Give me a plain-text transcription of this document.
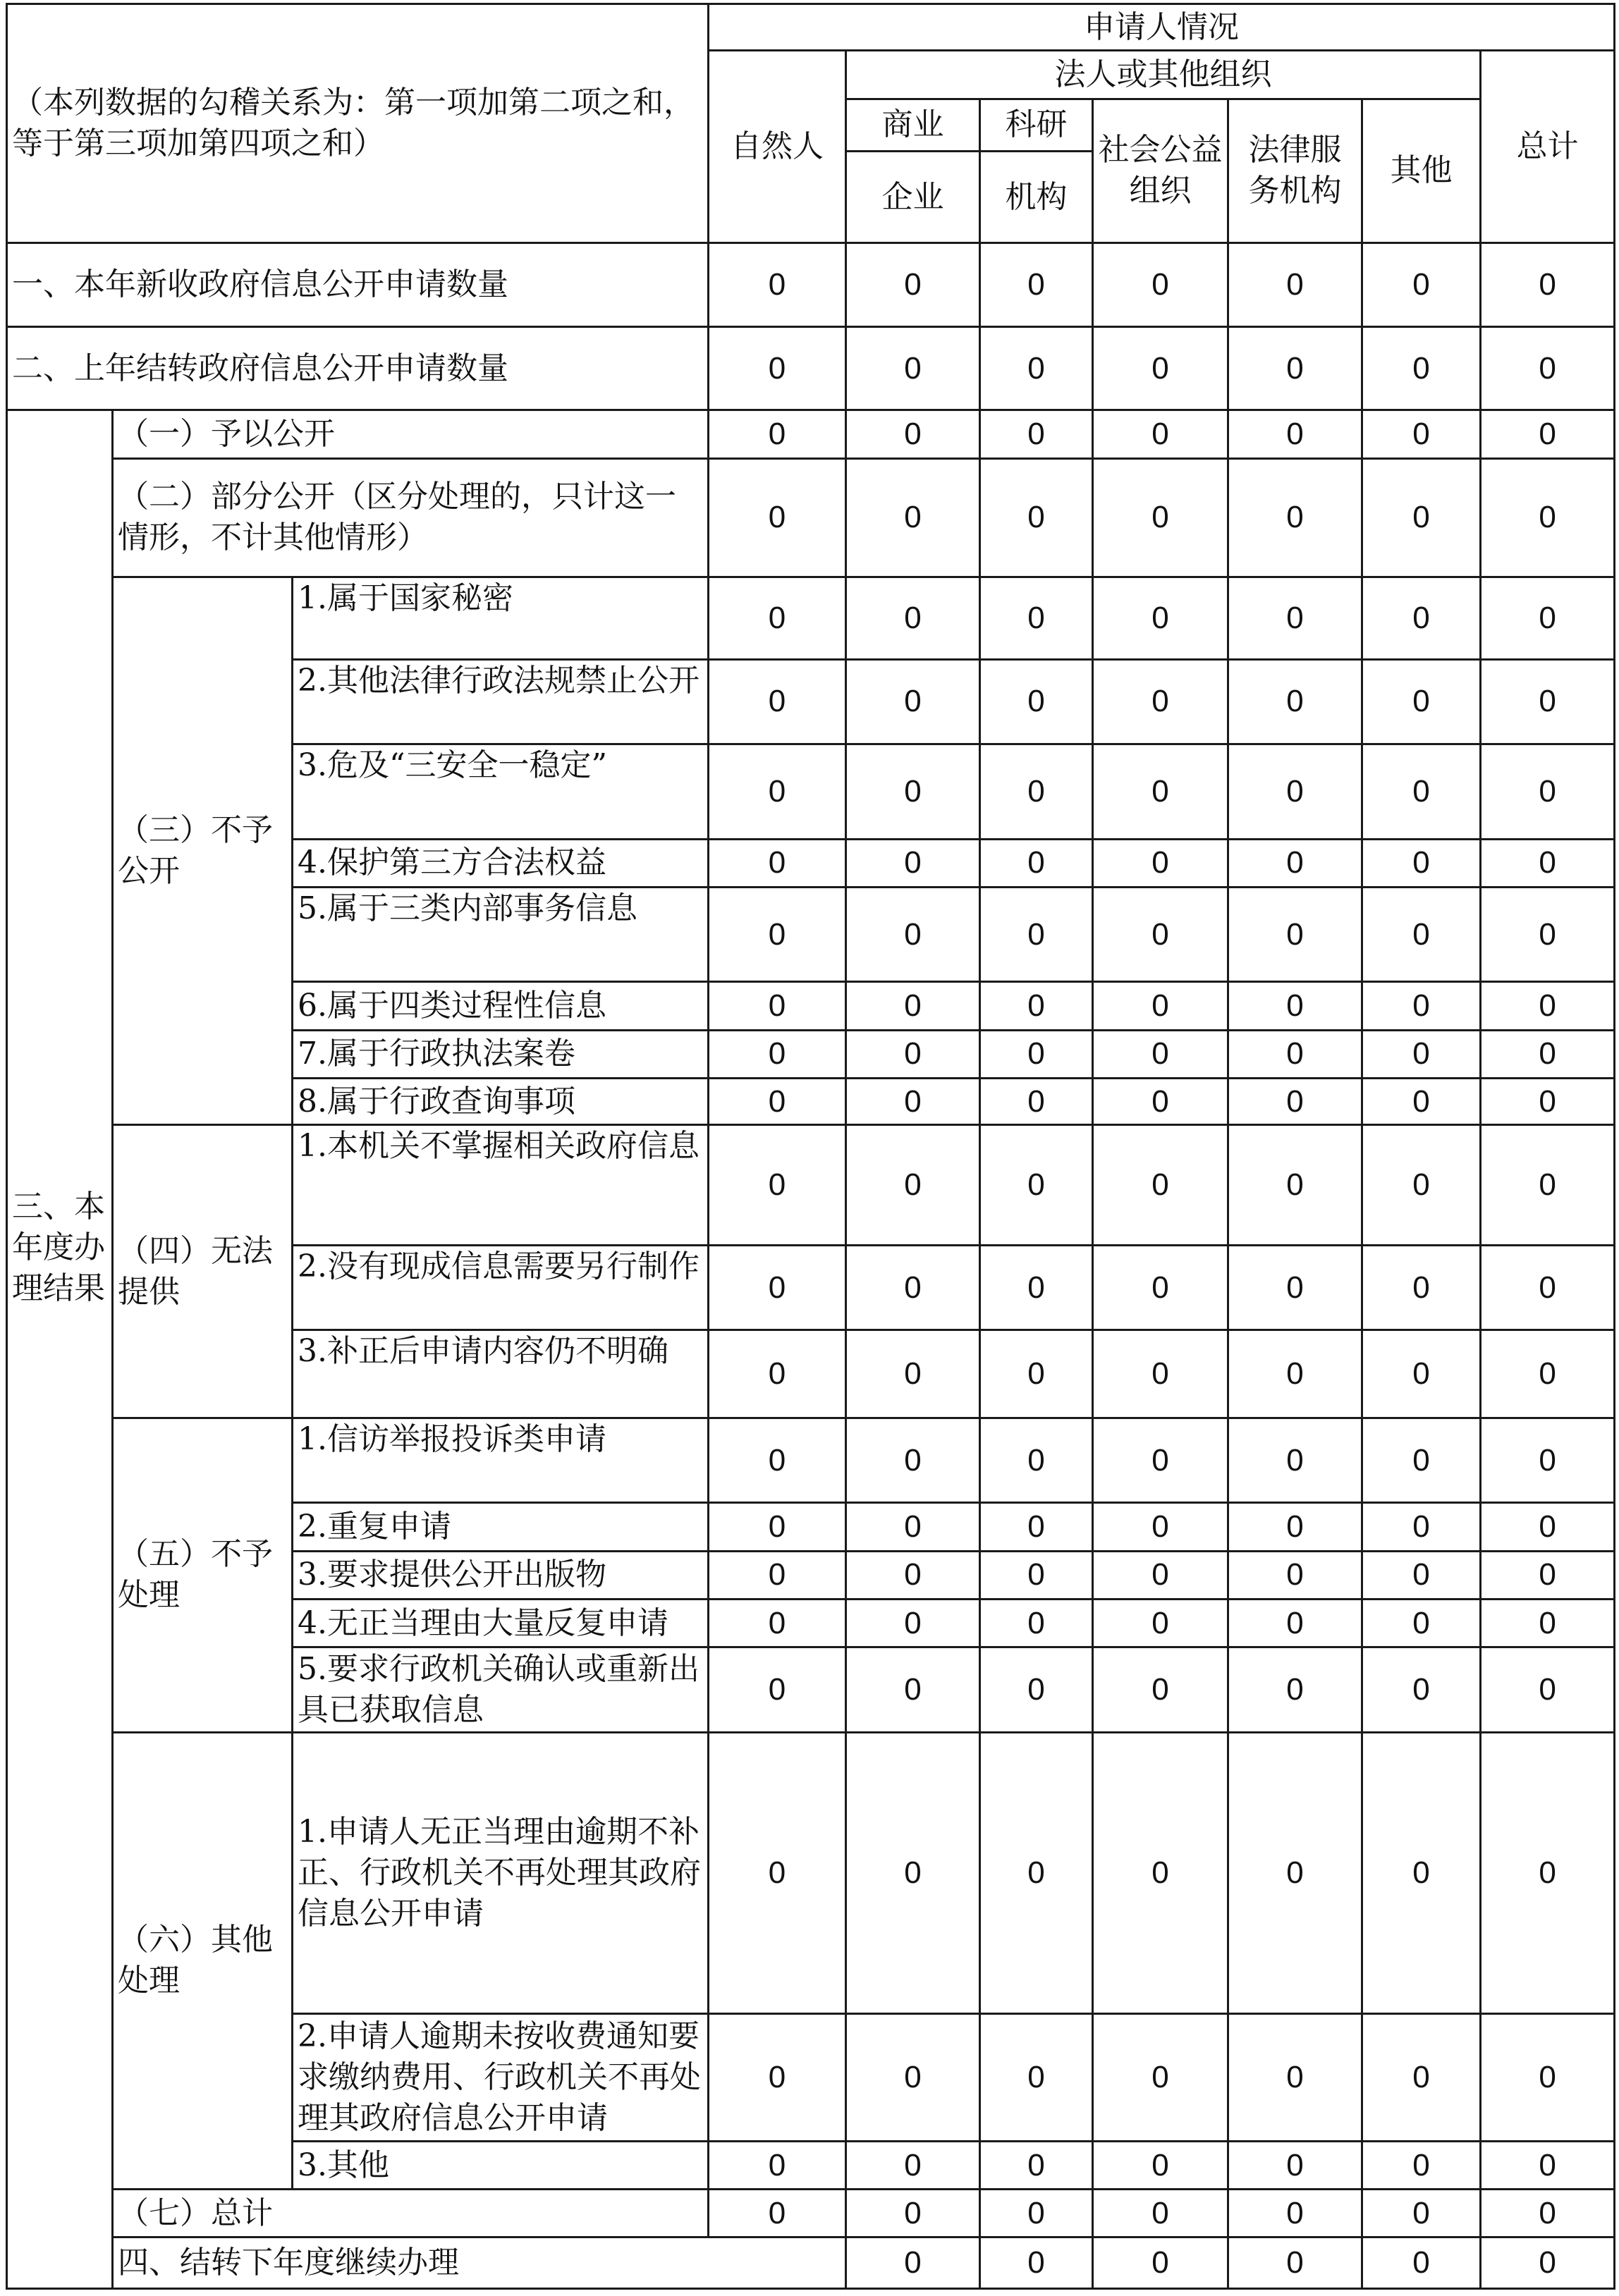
（本列数据的勾稽关系为：第一项加第二项之和，等于第三项加第四项之和）			申请人情况							
			自然人	法人或其他组织					总计	
				商业	科研	社会公益组织	法律服务机构	其他		
				企业	机构					
一、本年新收政府信息公开申请数量			0	0	0	0	0	0	0	
二、上年结转政府信息公开申请数量			0	0	0	0	0	0	0	
三、本年度办理结果	（一）予以公开		0	0	0	0	0	0	0	
	（二）部分公开（区分处理的，只计这一情形，不计其他情形）		0	0	0	0	0	0	0	
	（三）不予公开	1.属于国家秘密	0	0	0	0	0	0	0	
		2.其他法律行政法规禁止公开	0	0	0	0	0	0	0	
		3.危及“三安全一稳定”	0	0	0	0	0	0	0	
		4.保护第三方合法权益	0	0	0	0	0	0	0	
		5.属于三类内部事务信息	0	0	0	0	0	0	0	
		6.属于四类过程性信息	0	0	0	0	0	0	0	
		7.属于行政执法案卷	0	0	0	0	0	0	0	
		8.属于行政查询事项	0	0	0	0	0	0	0	
	（四）无法提供	1.本机关不掌握相关政府信息	0	0	0	0	0	0	0	
		2.没有现成信息需要另行制作	0	0	0	0	0	0	0	
		3.补正后申请内容仍不明确	0	0	0	0	0	0	0	
	（五）不予处理	1.信访举报投诉类申请	0	0	0	0	0	0	0	
		2.重复申请	0	0	0	0	0	0	0	
		3.要求提供公开出版物	0	0	0	0	0	0	0	
		4.无正当理由大量反复申请	0	0	0	0	0	0	0	
		5.要求行政机关确认或重新出具已获取信息	0	0	0	0	0	0	0	
	（六）其他处理	1.申请人无正当理由逾期不补正、行政机关不再处理其政府信息公开申请	0	0	0	0	0	0	0	
		2.申请人逾期未按收费通知要求缴纳费用、行政机关不再处理其政府信息公开申请	0	0	0	0	0	0	0	
		3.其他	0	0	0	0	0	0	0	
	（七）总计		0	0	0	0	0	0	0	
	四、结转下年度继续办理			0	0	0	0	0	0	
